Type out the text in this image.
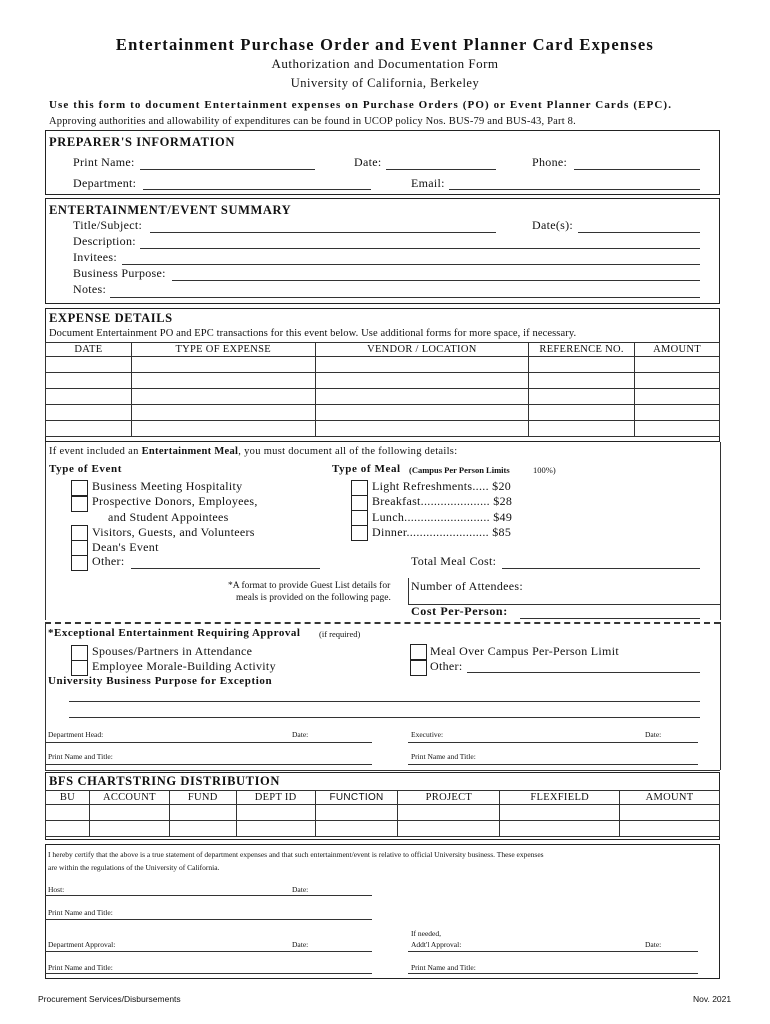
Entertainment Purchase Order and Event Planner Card Expenses
Authorization and Documentation Form
University of California, Berkeley
Use this form to document Entertainment expenses on Purchase Orders (PO) or Event Planner Cards (EPC).
Approving authorities and allowability of expenditures can be found in UCOP policy Nos. BUS-79 and BUS-43, Part 8.
PREPARER'S INFORMATION
Print Name:	Date:	Phone:
Department:	Email:
ENTERTAINMENT/EVENT SUMMARY
Title/Subject:	Date(s):
Description:
Invitees:
Business Purpose:
Notes:
EXPENSE DETAILS
Document Entertainment PO and EPC transactions for this event below. Use additional forms for more space, if necessary.
DATE	TYPE OF EXPENSE	VENDOR / LOCATION	REFERENCE NO.	AMOUNT

If event included an Entertainment Meal, you must document all of the following details:
Type of Event
Business Meeting Hospitality
Prospective Donors, Employees,
and Student Appointees
Visitors, Guests, and Volunteers
Dean's Event
Other:
Type of Meal (Campus Per Person Limits	100%)
Light Refreshments..... $20
Breakfast..................... $28
Lunch.......................... $49
Dinner......................... $85
Total Meal Cost:
*A format to provide Guest List details for
meals is provided on the following page.
Number of Attendees:
Cost Per-Person:
*Exceptional Entertainment Requiring Approval (if required)
Spouses/Partners in Attendance
Employee Morale-Building Activity
Meal Over Campus Per-Person Limit
Other:
University Business Purpose for Exception
Department Head:	Date:	Executive:	Date:
Print Name and Title:	Print Name and Title:
BFS CHARTSTRING DISTRIBUTION
BU	ACCOUNT	FUND	DEPT ID	FUNCTION	PROJECT	FLEXFIELD	AMOUNT

I hereby certify that the above is a true statement of department expenses and that such entertainment/event is relative to official University business. These expenses
are within the regulations of the University of California.
Host:	Date:
Print Name and Title:
Department Approval:	Date:
Print Name and Title:
If needed,
Addt'l Approval:	Date:
Print Name and Title:
Procurement Services/Disbursements	Nov. 2021
